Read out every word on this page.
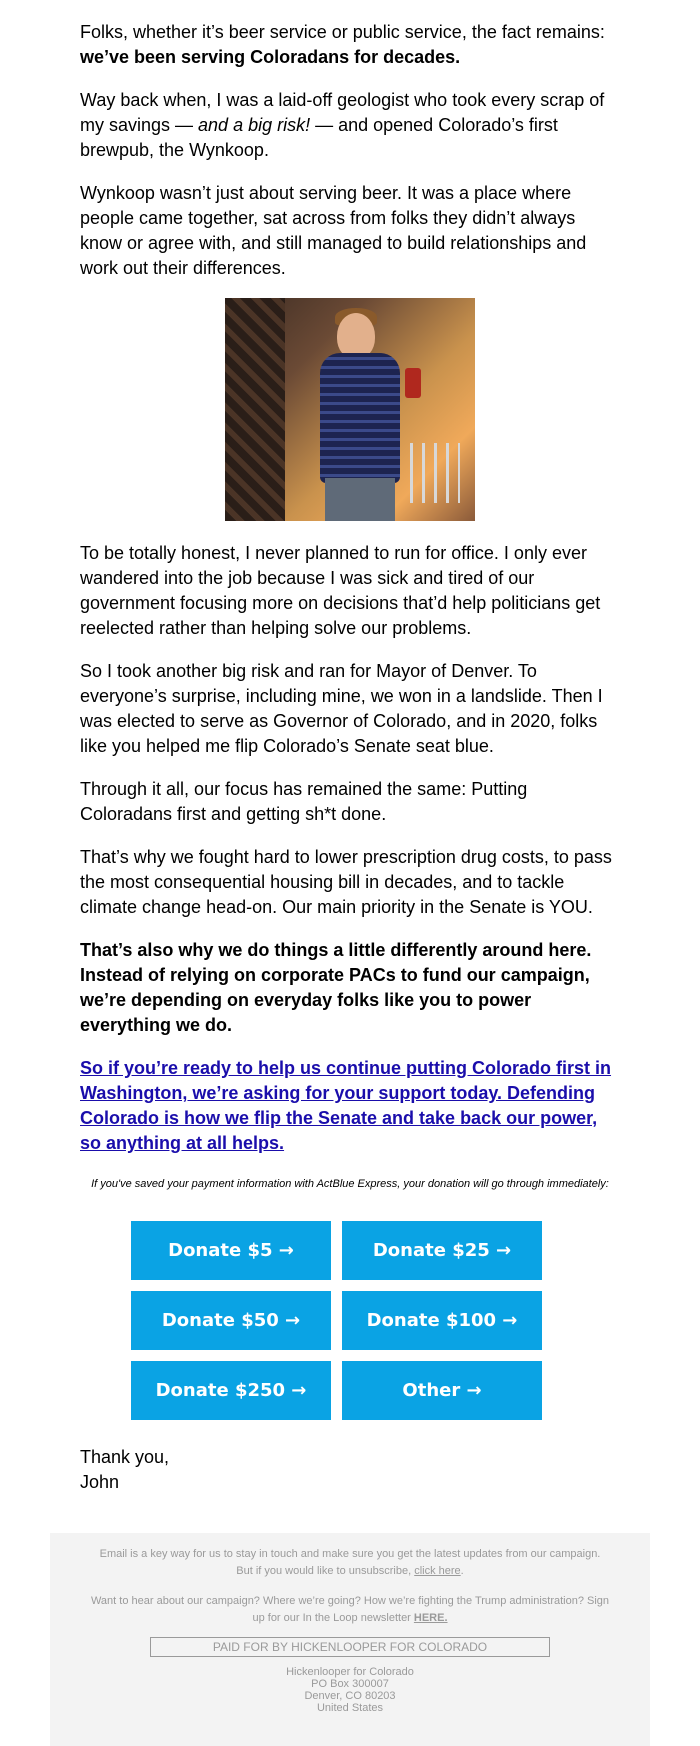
Folks, whether it’s beer service or public service, the fact remains: we’ve been serving Coloradans for decades.

Way back when, I was a laid-off geologist who took every scrap of my savings — and a big risk! — and opened Colorado’s first brewpub, the Wynkoop.

Wynkoop wasn’t just about serving beer. It was a place where people came together, sat across from folks they didn’t always know or agree with, and still managed to build relationships and work out their differences.

To be totally honest, I never planned to run for office. I only ever wandered into the job because I was sick and tired of our government focusing more on decisions that’d help politicians get reelected rather than helping solve our problems.

So I took another big risk and ran for Mayor of Denver. To everyone’s surprise, including mine, we won in a landslide. Then I was elected to serve as Governor of Colorado, and in 2020, folks like you helped me flip Colorado’s Senate seat blue.

Through it all, our focus has remained the same: Putting Coloradans first and getting sh*t done.

That’s why we fought hard to lower prescription drug costs, to pass the most consequential housing bill in decades, and to tackle climate change head-on. Our main priority in the Senate is YOU.

That’s also why we do things a little differently around here. Instead of relying on corporate PACs to fund our campaign, we’re depending on everyday folks like you to power everything we do.

So if you’re ready to help us continue putting Colorado first in Washington, we’re asking for your support today. Defending Colorado is how we flip the Senate and take back our power, so anything at all helps.

If you've saved your payment information with ActBlue Express, your donation will go through immediately:

Donate $5 →	Donate $25 →
Donate $50 →	Donate $100 →
Donate $250 →	Other →

Thank you,

John

Email is a key way for us to stay in touch and make sure you get the latest updates from our campaign. But if you would like to unsubscribe, click here.

Want to hear about our campaign? Where we’re going? How we’re fighting the Trump administration? Sign up for our In the Loop newsletter HERE.

PAID FOR BY HICKENLOOPER FOR COLORADO
Hickenlooper for Colorado
PO Box 300007
Denver, CO 80203
United States
